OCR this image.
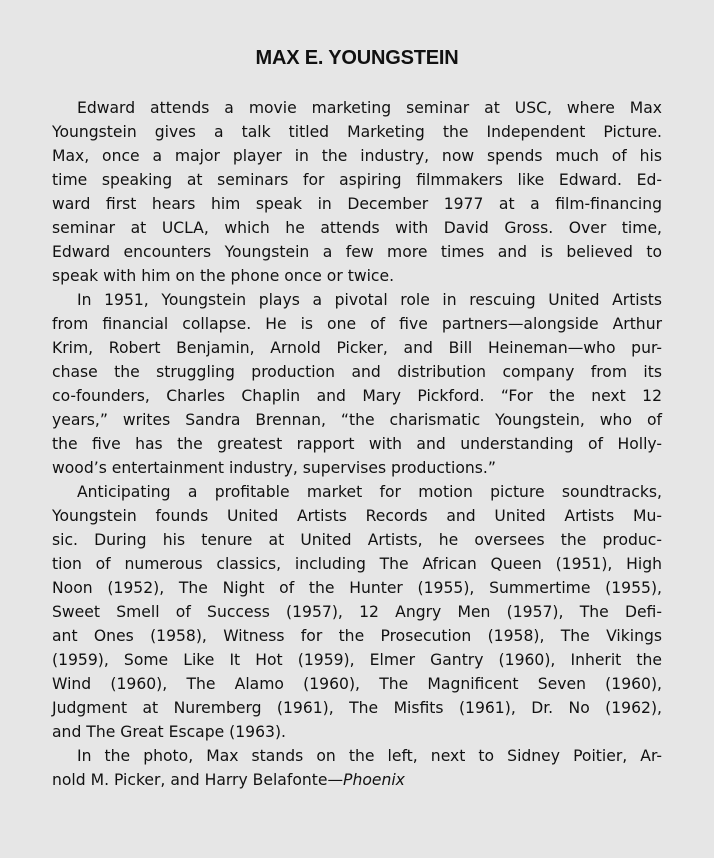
MAX E. YOUNGSTEIN
Edward attends a movie marketing seminar at USC, where Max
Youngstein gives a talk titled Marketing the Independent Picture.
Max, once a major player in the industry, now spends much of his
time speaking at seminars for aspiring filmmakers like Edward. Ed-
ward first hears him speak in December 1977 at a film-financing
seminar at UCLA, which he attends with David Gross. Over time,
Edward encounters Youngstein a few more times and is believed to
speak with him on the phone once or twice.
In 1951, Youngstein plays a pivotal role in rescuing United Artists
from financial collapse. He is one of five partners—alongside Arthur
Krim, Robert Benjamin, Arnold Picker, and Bill Heineman—who pur-
chase the struggling production and distribution company from its
co-founders, Charles Chaplin and Mary Pickford. “For the next 12
years,” writes Sandra Brennan, “the charismatic Youngstein, who of
the five has the greatest rapport with and understanding of Holly-
wood’s entertainment industry, supervises productions.”
Anticipating a profitable market for motion picture soundtracks,
Youngstein founds United Artists Records and United Artists Mu-
sic. During his tenure at United Artists, he oversees the produc-
tion of numerous classics, including The African Queen (1951), High
Noon (1952), The Night of the Hunter (1955), Summertime (1955),
Sweet Smell of Success (1957), 12 Angry Men (1957), The Defi-
ant Ones (1958), Witness for the Prosecution (1958), The Vikings
(1959), Some Like It Hot (1959), Elmer Gantry (1960), Inherit the
Wind (1960), The Alamo (1960), The Magnificent Seven (1960),
Judgment at Nuremberg (1961), The Misfits (1961), Dr. No (1962),
and The Great Escape (1963).
In the photo, Max stands on the left, next to Sidney Poitier, Ar-
nold M. Picker, and Harry Belafonte—Phoenix
